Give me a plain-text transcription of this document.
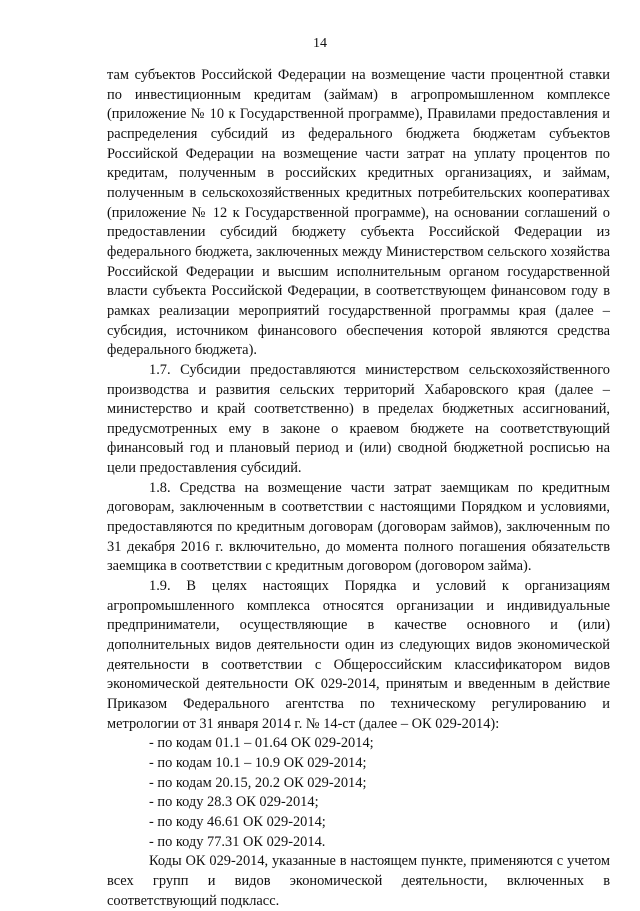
14

там субъектов Российской Федерации на возмещение части процентной ставки по инвестиционным кредитам (займам) в агропромышленном комплексе (приложение № 10 к Государственной программе), Правилами предоставления и распределения субсидий из федерального бюджета бюджетам субъектов Российской Федерации на возмещение части затрат на уплату процентов по кредитам, полученным в российских кредитных организациях, и займам, полученным в сельскохозяйственных кредитных потребительских кооперативах (приложение № 12 к Государственной программе), на основании соглашений о предоставлении субсидий бюджету субъекта Российской Федерации из федерального бюджета, заключенных между Министерством сельского хозяйства Российской Федерации и высшим исполнительным органом государственной власти субъекта Российской Федерации, в соответствующем финансовом году в рамках реализации мероприятий государственной программы края (далее – субсидия, источником финансового обеспечения которой являются средства федерального бюджета).

1.7. Субсидии предоставляются министерством сельскохозяйственного производства и развития сельских территорий Хабаровского края (далее – министерство и край соответственно) в пределах бюджетных ассигнований, предусмотренных ему в законе о краевом бюджете на соответствующий финансовый год и плановый период и (или) сводной бюджетной росписью на цели предоставления субсидий.

1.8. Средства на возмещение части затрат заемщикам по кредитным договорам, заключенным в соответствии с настоящими Порядком и условиями, предоставляются по кредитным договорам (договорам займов), заключенным по 31 декабря 2016 г. включительно, до момента полного погашения обязательств заемщика в соответствии с кредитным договором (договором займа).

1.9. В целях настоящих Порядка и условий к организациям агропромышленного комплекса относятся организации и индивидуальные предприниматели, осуществляющие в качестве основного и (или) дополнительных видов деятельности один из следующих видов экономической деятельности в соответствии с Общероссийским классификатором видов экономической деятельности ОК 029-2014, принятым и введенным в действие Приказом Федерального агентства по техническому регулированию и метрологии от 31 января 2014 г. № 14-ст (далее – ОК 029-2014):

- по кодам 01.1 – 01.64 ОК 029-2014;

- по кодам 10.1 – 10.9 ОК 029-2014;

- по кодам 20.15, 20.2 ОК 029-2014;

- по коду 28.3 ОК 029-2014;

- по коду 46.61 ОК 029-2014;

- по коду 77.31 ОК 029-2014.

Коды ОК 029-2014, указанные в настоящем пункте, применяются с учетом всех групп и видов экономической деятельности, включенных в соответствующий подкласс.
